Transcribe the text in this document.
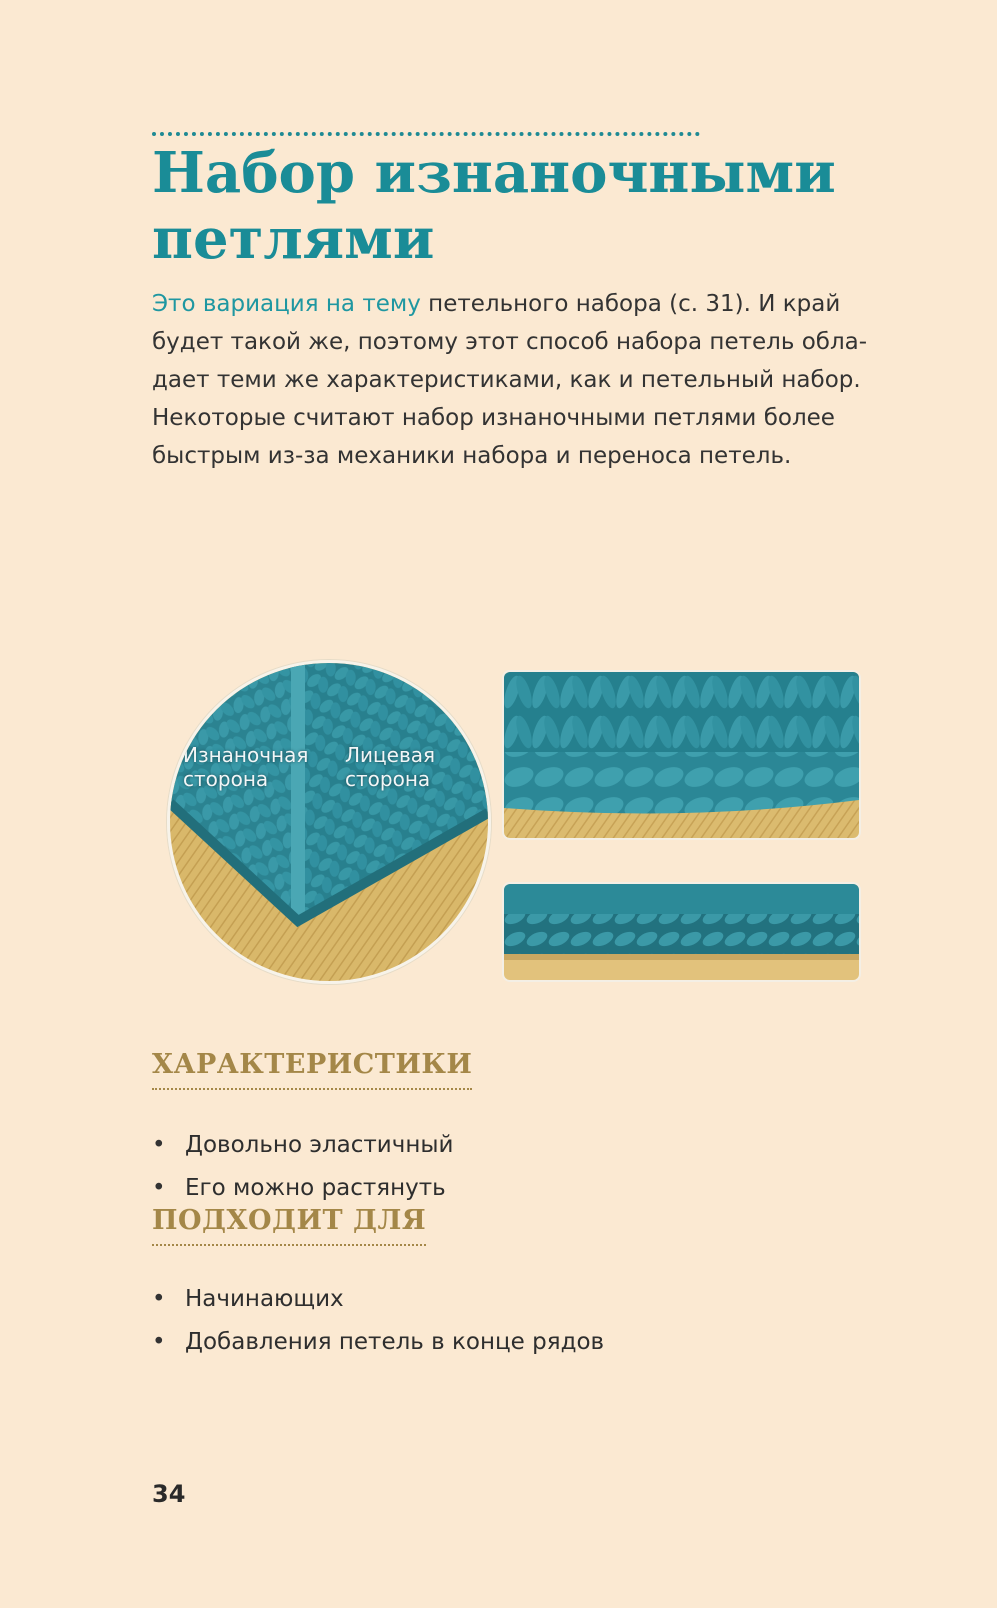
Набор изнаночными петлями

Это вариация на тему петельного набора (с. 31). И край будет такой же, поэтому этот способ набора петель обла-дает теми же характеристиками, как и петельный набор. Некоторые считают набор изнаночными петлями более быстрым из-за механики набора и переноса петель.

Изнаночная
сторона
Лицевая
сторона
ХАРАКТЕРИСТИКИ
• Довольно эластичный
• Его можно растянуть
ПОДХОДИТ ДЛЯ
• Начинающих
• Добавления петель в конце рядов

34
